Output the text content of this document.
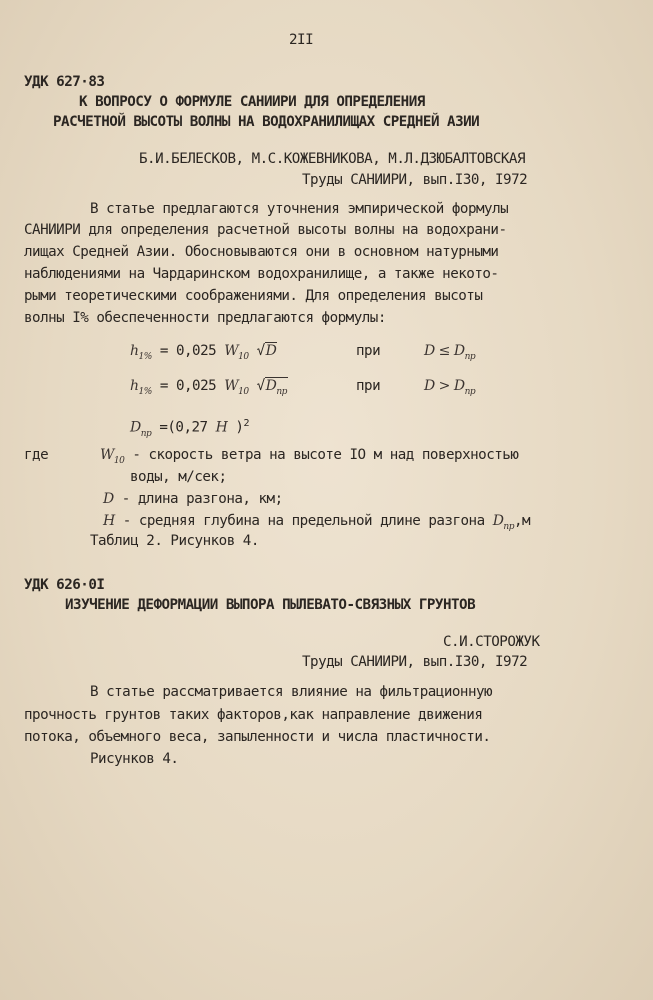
2II
УДК 627·83
К ВОПРОСУ О ФОРМУЛЕ САНИИРИ ДЛЯ ОПРЕДЕЛЕНИЯ
РАСЧЕТНОЙ ВЫСОТЫ ВОЛНЫ НА ВОДОХРАНИЛИЩАХ СРЕДНЕЙ АЗИИ
Б.И.БЕЛЕСКОВ, М.С.КОЖЕВНИКОВА, М.Л.ДЗЮБАЛТОВСКАЯ
Труды САНИИРИ, вып.I30, I972
В статье предлагаются уточнения эмпирической формулы
САНИИРИ для определения расчетной высоты волны на водохрани-
лищах Средней Азии. Обосновываются они в основном натурными
наблюдениями на Чардаринском водохранилище, а также некото-
рыми теоретическими соображениями. Для определения высоты
волны I% обеспеченности предлагаются формулы:
$h_{1\%} = 0,025$ $W_{10}$ √D	при	$D \le D_{пр}$
$h_{1\%} = 0,025$ $W_{10}$ $√D_{пр}$	при	$D > D_{пр}$
$D_{пр} =(0,27$ H )$^2$
где	$W_{10}$ - скорость ветра на высоте IO м над поверхностью
воды, м/сек;
D - длина разгона, км;
H - средняя глубина на предельной длине разгона $D_{пр},м$
Таблиц 2. Рисунков 4.
УДК 626·0I
ИЗУЧЕНИЕ ДЕФОРМАЦИИ ВЫПОРА ПЫЛЕВАТО-СВЯЗНЫХ ГРУНТОВ
С.И.СТОРОЖУК
Труды САНИИРИ, вып.I30, I972
В статье рассматривается влияние на фильтрационную
прочность грунтов таких факторов,как направление движения
потока, объемного веса, запыленности и числа пластичности.
Рисунков 4.
